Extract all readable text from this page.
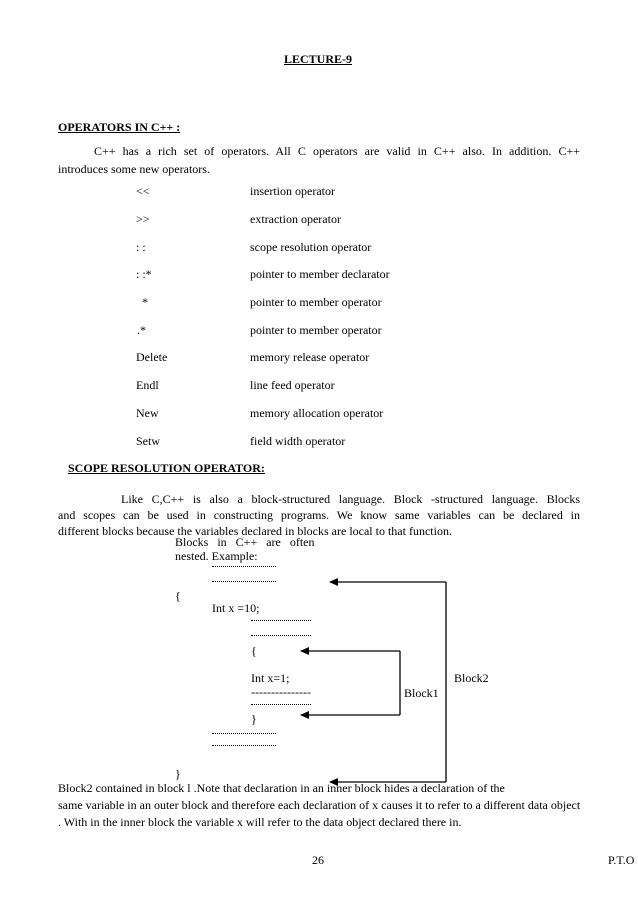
LECTURE-9
OPERATORS IN C++ :
C++ has a rich set of operators. All C operators are valid in C++ also. In addition. C++
introduces some new operators.
<<	insertion operator
>>	extraction operator
: :	scope resolution operator
: :*	pointer to member declarator
*	pointer to member operator
.*	pointer to member operator
Delete	memory release operator
Endl	line feed operator
New	memory allocation operator
Setw	field width operator
SCOPE RESOLUTION OPERATOR:
Like C,C++ is also a block-structured language. Block -structured language. Blocks
and scopes can be used in constructing programs. We know same variables can be declared in
different blocks because the variables declared in blocks are local to that function.
Blocks in C++ are often
nested. Example:
{
Int x =10;
{
Int x=1;
---------------
}
}
Block1
Block2
Block2 contained in block l .Note that declaration in an inner block hides a declaration of the
same variable in an outer block and therefore each declaration of x causes it to refer to a different data object
. With in the inner block the variable x will refer to the data object declared there in.
26	P.T.O
